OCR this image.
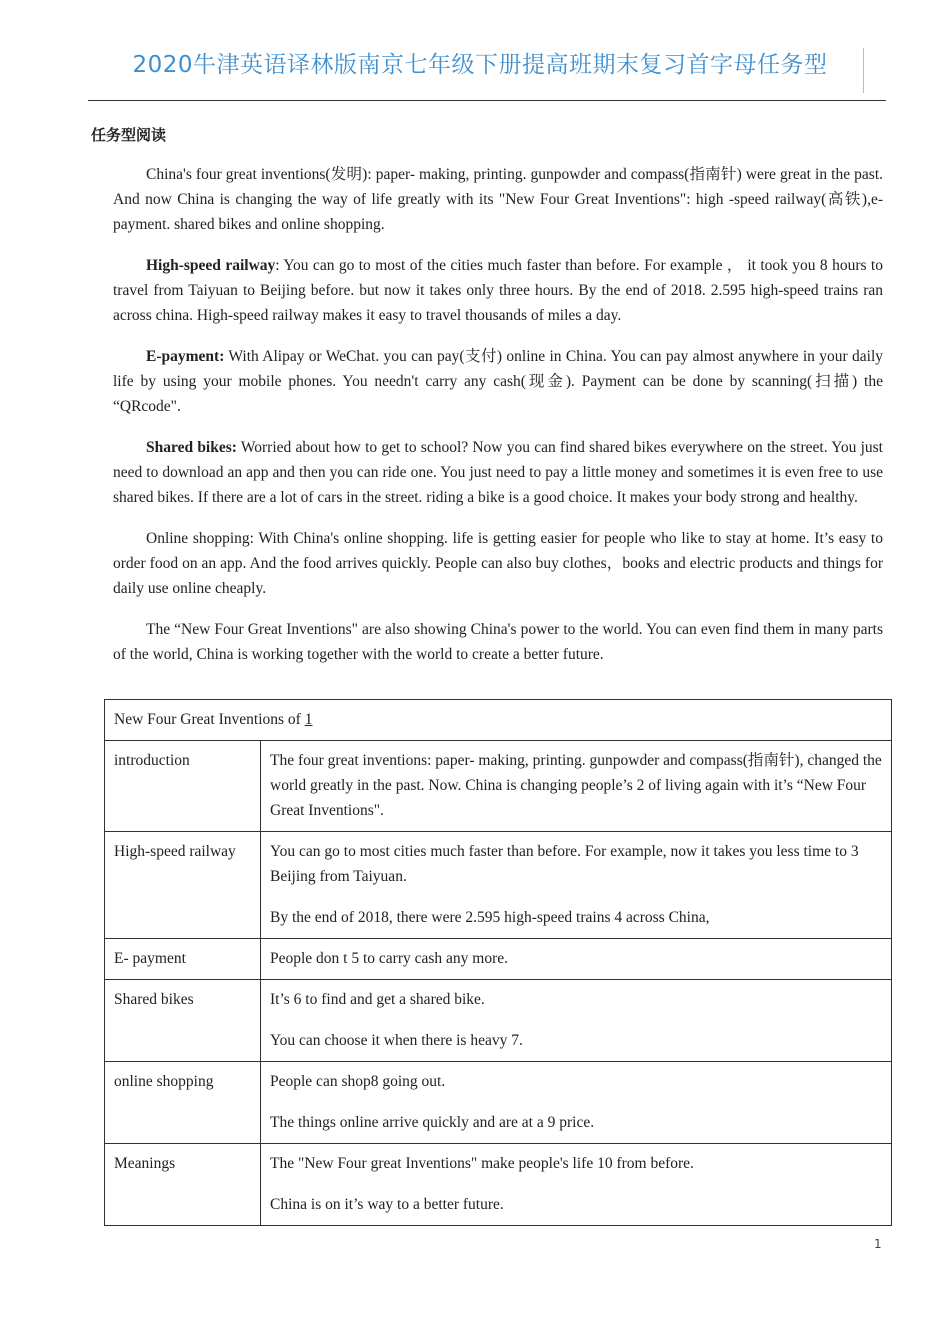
2020牛津英语译林版南京七年级下册提高班期末复习首字母任务型
任务型阅读

China's four great inventions(发明): paper- making, printing. gunpowder and compass(指南针) were great in the past. And now China is changing the way of life greatly with its "New Four Great Inventions": high -speed railway(高铁),e- payment. shared bikes and online shopping.

High-speed railway: You can go to most of the cities much faster than before. For example ， it took you 8 hours to travel from Taiyuan to Beijing before. but now it takes only three hours. By the end of 2018. 2.595 high-speed trains ran across china. High-speed railway makes it easy to travel thousands of miles a day.

E-payment: With Alipay or WeChat. you can pay(支付) online in China. You can pay almost anywhere in your daily life by using your mobile phones. You needn't carry any cash(现金). Payment can be done by scanning(扫描) the “QRcode".

Shared bikes: Worried about how to get to school? Now you can find shared bikes everywhere on the street. You just need to download an app and then you can ride one. You just need to pay a little money and sometimes it is even free to use shared bikes. If there are a lot of cars in the street. riding a bike is a good choice. It makes your body strong and healthy.

Online shopping: With China's online shopping. life is getting easier for people who like to stay at home. It’s easy to order food on an app. And the food arrives quickly. People can also buy clothes，books and electric products and things for daily use online cheaply.

The “New Four Great Inventions" are also showing China's power to the world. You can even find them in many parts of the world, China is working together with the world to create a better future.

New Four Great Inventions of 1	
introduction	The four great inventions: paper- making, printing. gunpowder and compass(指南针), changed the world greatly in the past. Now. China is changing people’s 2 of living again with it’s “New Four Great Inventions".

High-speed railway	You can go to most cities much faster than before. For example, now it takes you less time to 3 Beijing from Taiyuan.

By the end of 2018, there were 2.595 high-speed trains 4 across China,

E- payment	People don t 5 to carry cash any more.

Shared bikes	It’s 6 to find and get a shared bike.

You can choose it when there is heavy 7.

online shopping	People can shop8 going out.

The things online arrive quickly and are at a 9 price.

Meanings	The "New Four great Inventions" make people's life 10 from before.

China is on it’s way to a better future.

1
